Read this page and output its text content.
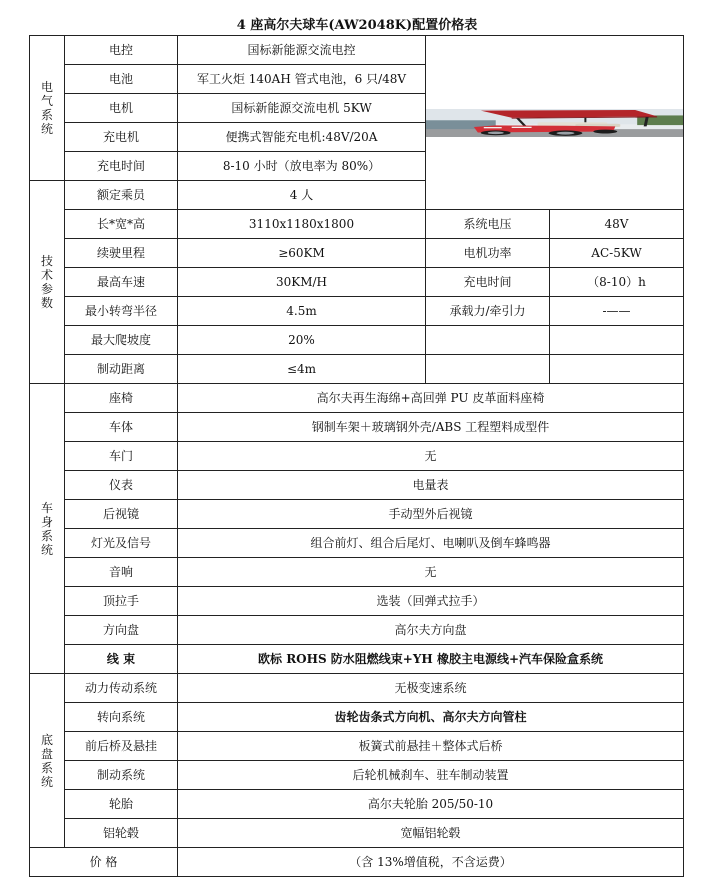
4 座高尔夫球车(AW2048K)配置价格表
电
气
系
统	电控	国标新能源交流电控	

	电池	军工火炬 140AH 管式电池，6 只/48V		
	电机	国标新能源交流电机 5KW		
	充电机	便携式智能充电机:48V/20A		
	充电时间	8-10 小时（放电率为 80%）		

技
术
参
数	额定乘员	4 人		
	长*宽*高	3110x1180x1800	系统电压	48V
	续驶里程	≥60KM	电机功率	AC-5KW
	最高车速	30KM/H	充电时间	（8-10）h
	最小转弯半径	4.5m	承载力/牵引力	-——
	最大爬坡度	20%		
	制动距离	≤4m		

车
身
系
统	座椅	高尔夫再生海绵+高回弹 PU 皮革面料座椅		
	车体	钢制车架＋玻璃钢外壳/ABS 工程塑料成型件		
	车门	无		
	仪表	电量表		
	后视镜	手动型外后视镜		
	灯光及信号	组合前灯、组合后尾灯、电喇叭及倒车蜂鸣器		
	音响	无		
	顶拉手	选装（回弹式拉手）		
	方向盘	高尔夫方向盘		
	线 束	欧标 ROHS 防水阻燃线束+YH 橡胶主电源线+汽车保险盒系统		

底
盘
系
统	动力传动系统	无极变速系统		
	转向系统	齿轮齿条式方向机、高尔夫方向管柱		
	前后桥及悬挂	板簧式前悬挂＋整体式后桥		
	制动系统	后轮机械刹车、驻车制动装置		
	轮胎	高尔夫轮胎 205/50-10		
	铝轮毂	宽幅铝轮毂		
价 格		（含 13%增值税，不含运费）		
